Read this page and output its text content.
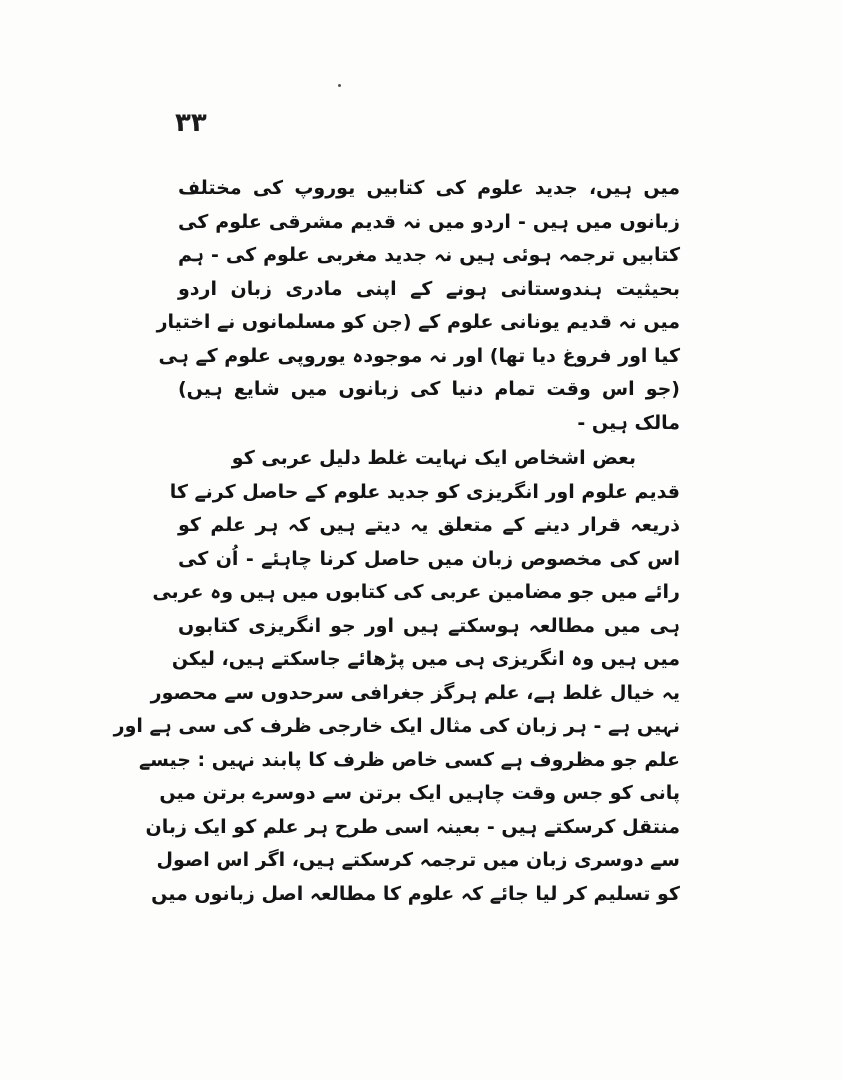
۳۳
میں ہیں، جدید علوم کی کتابیں یوروپ کی مختلف
زبانوں میں ہیں - اردو میں نہ قدیم مشرقی علوم کی
کتابیں ترجمہ ہوئی ہیں نہ جدید مغربی علوم کی - ہم
بحیثیت ہندوستانی ہونے کے اپنی مادری زبان اردو
میں نہ قدیم یونانی علوم کے (جن کو مسلمانوں نے اختیار
کیا اور فروغ دیا تھا) اور نہ موجودہ یوروپی علوم کے ہی
(جو اس وقت تمام دنیا کی زبانوں میں شایع ہیں)
مالک ہیں -
بعض اشخاص ایک نہایت غلط دلیل عربی کو
قدیم علوم اور انگریزی کو جدید علوم کے حاصل کرنے کا
ذریعہ قرار دینے کے متعلق یہ دیتے ہیں کہ ہر علم کو
اس کی مخصوص زبان میں حاصل کرنا چاہئے - اُن کی
رائے میں جو مضامین عربی کی کتابوں میں ہیں وہ عربی
ہی میں مطالعہ ہوسکتے ہیں اور جو انگریزی کتابوں
میں ہیں وہ انگریزی ہی میں پڑھائے جاسکتے ہیں، لیکن
یہ خیال غلط ہے، علم ہرگز جغرافی سرحدوں سے محصور
نہیں ہے - ہر زبان کی مثال ایک خارجی ظرف کی سی ہے اور
علم جو مظروف ہے کسی خاص ظرف کا پابند نہیں : جیسے
پانی کو جس وقت چاہیں ایک برتن سے دوسرے برتن میں
منتقل کرسکتے ہیں - بعینہ اسی طرح ہر علم کو ایک زبان
سے دوسری زبان میں ترجمہ کرسکتے ہیں، اگر اس اصول
کو تسلیم کر لیا جائے کہ علوم کا مطالعہ اصل زبانوں میں
